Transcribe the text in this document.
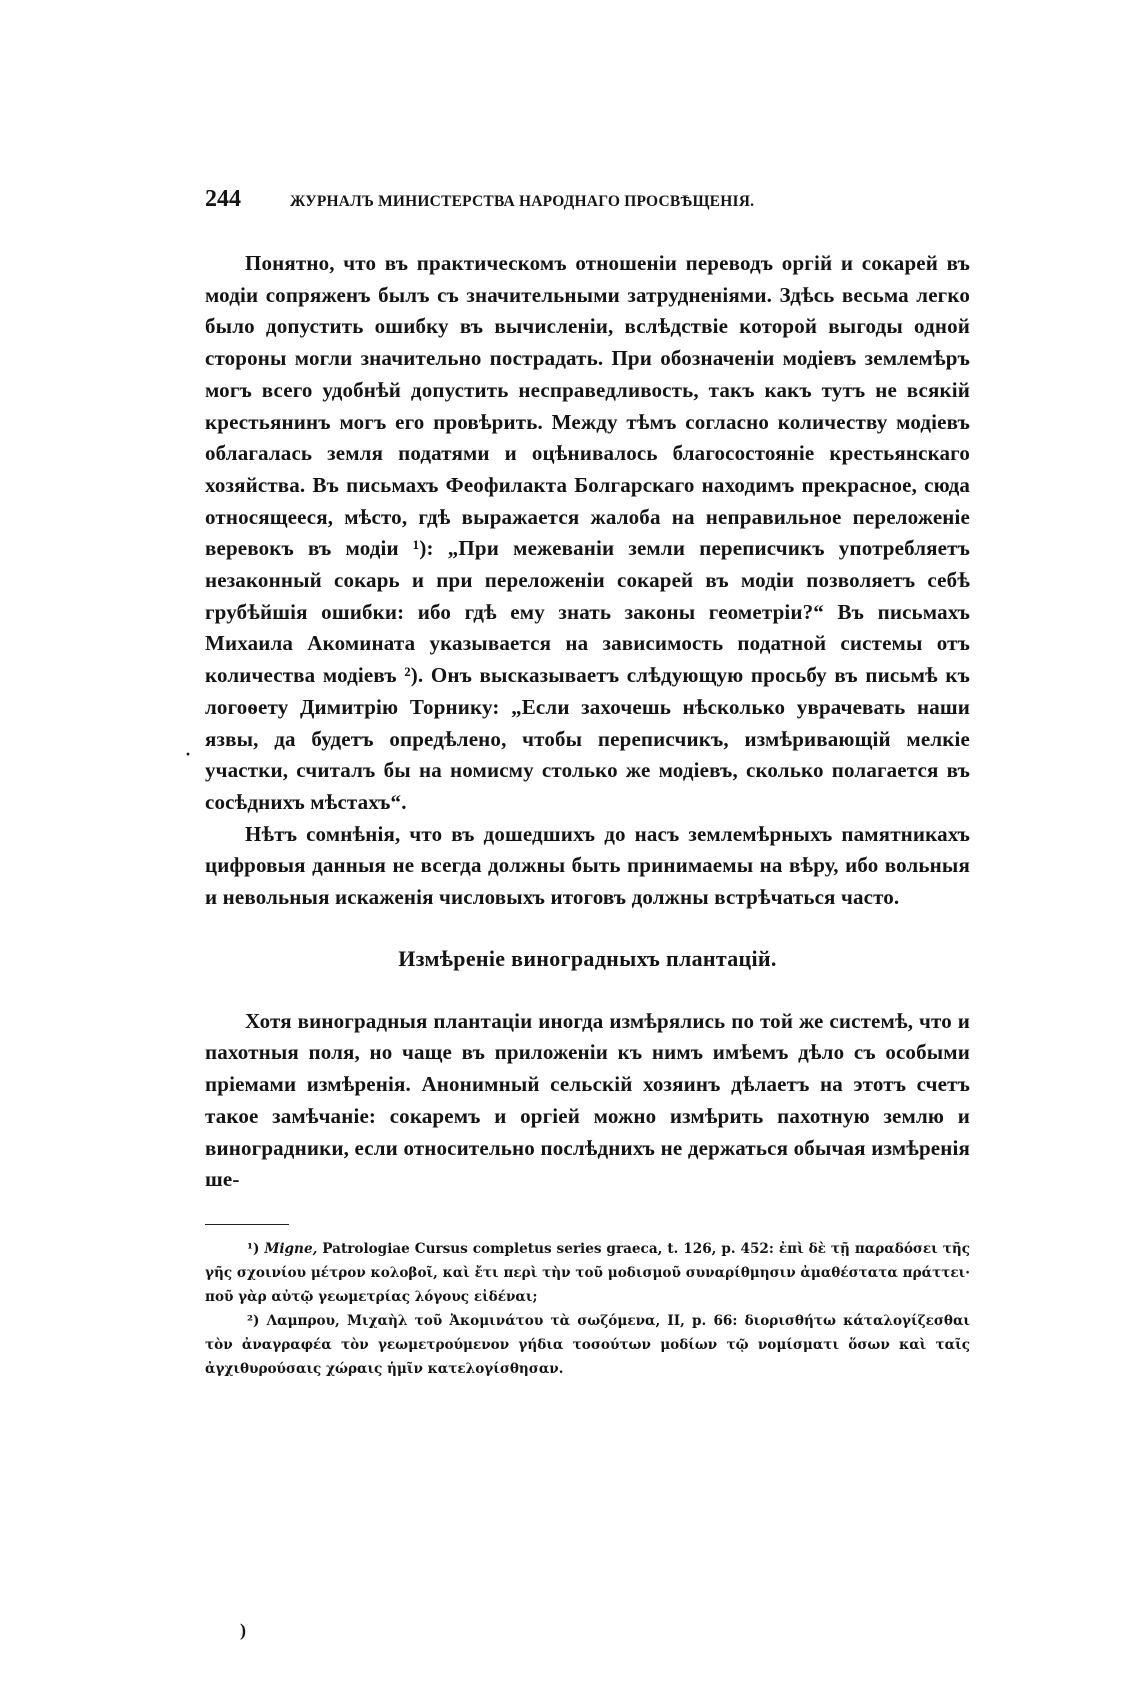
244	ЖУРНАЛЪ МИНИСТЕРСТВА НАРОДНАГО ПРОСВѢЩЕНІЯ.

Понятно, что въ практическомъ отношеніи переводъ оргій и сокарей въ модіи сопряженъ былъ съ значительными затрудненіями. Здѣсь весьма легко было допустить ошибку въ вычисленіи, вслѣдствіе которой выгоды одной стороны могли значительно пострадать. При обозначеніи модіевъ землемѣръ могъ всего удобнѣй допустить несправедливость, такъ какъ тутъ не всякій крестьянинъ могъ его провѣрить. Между тѣмъ согласно количеству модіевъ облагалась земля податями и оцѣнивалось благосостояніе крестьянскаго хозяйства. Въ письмахъ Феофилакта Болгарскаго находимъ прекрасное, сюда относящееся, мѣсто, гдѣ выражается жалоба на неправильное переложеніе веревокъ въ модіи ¹): „При межеваніи земли переписчикъ употребляетъ незаконный сокарь и при переложеніи сокарей въ модіи позволяетъ себѣ грубѣйшія ошибки: ибо гдѣ ему знать законы геометріи?“ Въ письмахъ Михаила Акомината указывается на зависимость податной системы отъ количества модіевъ ²). Онъ высказываетъ слѣдующую просьбу въ письмѣ къ логоѳету Димитрію Торнику: „Если захочешь нѣсколько уврачевать наши язвы, да будетъ опредѣлено, чтобы переписчикъ, измѣривающій мелкіе участки, считалъ бы на номисму столько же модіевъ, сколько полагается въ сосѣднихъ мѣстахъ“.

Нѣтъ сомнѣнія, что въ дошедшихъ до насъ землемѣрныхъ памятникахъ цифровыя данныя не всегда должны быть принимаемы на вѣру, ибо вольныя и невольныя искаженія числовыхъ итоговъ должны встрѣчаться часто.

Измѣреніе виноградныхъ плантацій.

Хотя виноградныя плантаціи иногда измѣрялись по той же системѣ, что и пахотныя поля, но чаще въ приложеніи къ нимъ имѣемъ дѣло съ особыми пріемами измѣренія. Анонимный сельскій хозяинъ дѣлаетъ на этотъ счетъ такое замѣчаніе: сокаремъ и оргіей можно измѣрить пахотную землю и виноградники, если относительно послѣднихъ не держаться обычая измѣренія ше-

¹) Migne, Patrologiae Cursus completus series graeca, t. 126, p. 452: ἐπὶ δὲ τῇ παραδόσει τῆς γῆς σχοινίου μέτρον κολοβοῖ, καὶ ἔτι περὶ τὴν τοῦ μοδισμοῦ συναρίθμησιν ἀμαθέστατα πράττει· ποῦ γὰρ αὐτῷ γεωμετρίας λόγους εἰδέναι;

²) Λαμπρου, Μιχαὴλ τοῦ Ἀκομινάτου τὰ σωζόμενα, II, p. 66: διορισθήτω κάταλογίζεσθαι τὸν ἀναγραφέα τὸν γεωμετρούμενον γήδια τοσούτων μοδίων τῷ νομίσματι ὅσων καὶ ταῖς ἀγχιθυρούσαις χώραις ἡμῖν κατελογίσθησαν.

·
)
